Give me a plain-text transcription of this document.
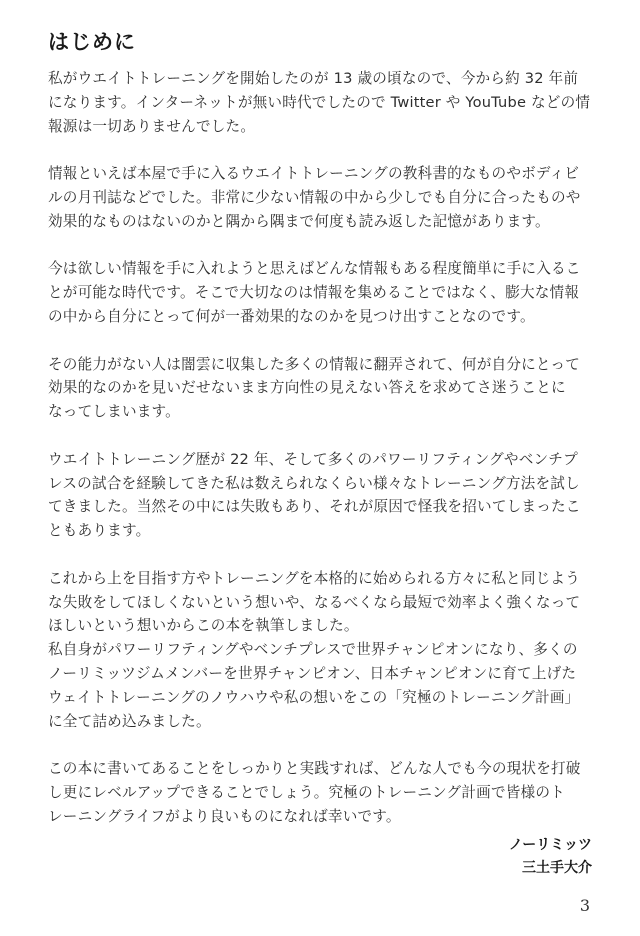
はじめに

私がウエイトトレーニングを開始したのが 13 歳の頃なので、今から約 32 年前
になります。インターネットが無い時代でしたので Twitter や YouTube などの情
報源は一切ありませんでした。

情報といえば本屋で手に入るウエイトトレーニングの教科書的なものやボディビ
ルの月刊誌などでした。非常に少ない情報の中から少しでも自分に合ったものや
効果的なものはないのかと隅から隅まで何度も読み返した記憶があります。

今は欲しい情報を手に入れようと思えばどんな情報もある程度簡単に手に入るこ
とが可能な時代です。そこで大切なのは情報を集めることではなく、膨大な情報
の中から自分にとって何が一番効果的なのかを見つけ出すことなのです。

その能力がない人は闇雲に収集した多くの情報に翻弄されて、何が自分にとって
効果的なのかを見いだせないまま方向性の見えない答えを求めてさ迷うことに
なってしまいます。

ウエイトトレーニング歴が 22 年、そして多くのパワーリフティングやベンチプ
レスの試合を経験してきた私は数えられなくらい様々なトレーニング方法を試し
てきました。当然その中には失敗もあり、それが原因で怪我を招いてしまったこ
ともあります。

これから上を目指す方やトレーニングを本格的に始められる方々に私と同じよう
な失敗をしてほしくないという想いや、なるべくなら最短で効率よく強くなって
ほしいという想いからこの本を執筆しました。

私自身がパワーリフティングやベンチプレスで世界チャンピオンになり、多くの
ノーリミッツジムメンバーを世界チャンピオン、日本チャンピオンに育て上げた
ウェイトトレーニングのノウハウや私の想いをこの「究極のトレーニング計画」
に全て詰め込みました。

この本に書いてあることをしっかりと実践すれば、どんな人でも今の現状を打破
し更にレベルアップできることでしょう。究極のトレーニング計画で皆様のト
レーニングライフがより良いものになれば幸いです。

ノーリミッツ
三土手大介
3
